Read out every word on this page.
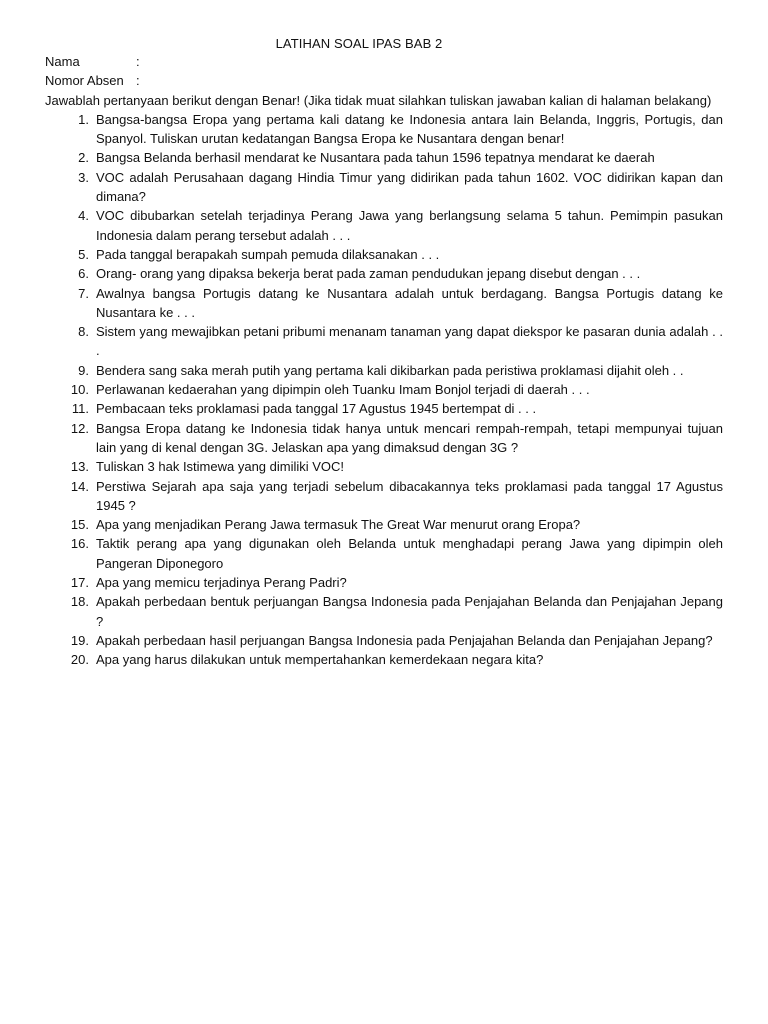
LATIHAN SOAL IPAS BAB 2
Nama	:
Nomor Absen :
Jawablah pertanyaan berikut dengan Benar! (Jika tidak muat silahkan tuliskan jawaban kalian di halaman belakang)
1. Bangsa-bangsa Eropa yang pertama kali datang ke Indonesia antara lain Belanda, Inggris, Portugis, dan Spanyol. Tuliskan urutan kedatangan Bangsa Eropa ke Nusantara dengan benar!
2. Bangsa Belanda berhasil mendarat ke Nusantara pada tahun 1596 tepatnya mendarat ke daerah
3. VOC adalah Perusahaan dagang Hindia Timur yang didirikan pada tahun 1602. VOC didirikan kapan dan dimana?
4. VOC dibubarkan setelah terjadinya Perang Jawa yang berlangsung selama 5 tahun. Pemimpin pasukan Indonesia dalam perang tersebut adalah . . .
5. Pada tanggal berapakah sumpah pemuda dilaksanakan . . .
6. Orang- orang yang dipaksa bekerja berat pada zaman pendudukan jepang disebut dengan . . .
7. Awalnya bangsa Portugis datang ke Nusantara adalah untuk berdagang. Bangsa Portugis datang ke Nusantara ke . . .
8. Sistem yang mewajibkan petani pribumi menanam tanaman yang dapat diekspor ke pasaran dunia adalah . . .
9. Bendera sang saka merah putih yang pertama kali dikibarkan pada peristiwa proklamasi dijahit oleh . .
10. Perlawanan kedaerahan yang dipimpin oleh Tuanku Imam Bonjol terjadi di daerah . . .
11. Pembacaan teks proklamasi pada tanggal 17 Agustus 1945 bertempat di . . .
12. Bangsa Eropa datang ke Indonesia tidak hanya untuk mencari rempah-rempah, tetapi mempunyai tujuan lain yang di kenal dengan 3G. Jelaskan apa yang dimaksud dengan 3G ?
13. Tuliskan 3 hak Istimewa yang dimiliki VOC!
14. Perstiwa Sejarah apa saja yang terjadi sebelum dibacakannya teks proklamasi pada tanggal 17 Agustus 1945 ?
15. Apa yang menjadikan Perang Jawa termasuk The Great War menurut orang Eropa?
16. Taktik perang apa yang digunakan oleh Belanda untuk menghadapi perang Jawa yang dipimpin oleh Pangeran Diponegoro
17. Apa yang memicu terjadinya Perang Padri?
18. Apakah perbedaan bentuk perjuangan Bangsa Indonesia pada Penjajahan Belanda dan Penjajahan Jepang ?
19. Apakah perbedaan hasil perjuangan Bangsa Indonesia pada Penjajahan Belanda dan Penjajahan Jepang?
20. Apa yang harus dilakukan untuk mempertahankan kemerdekaan negara kita?
